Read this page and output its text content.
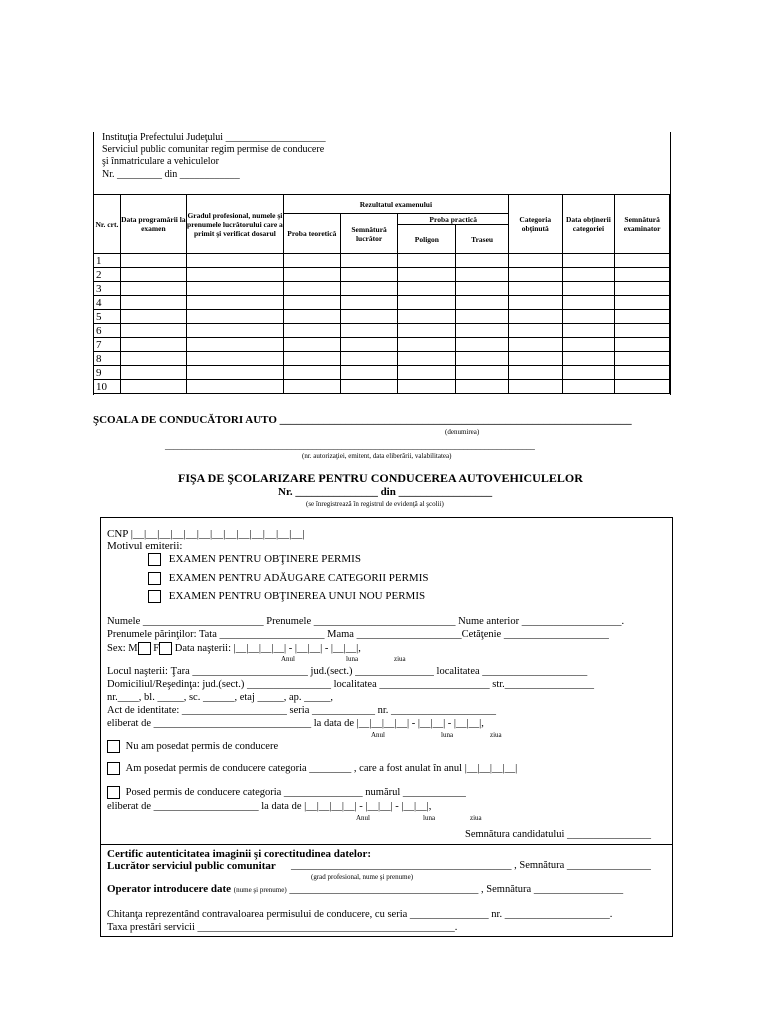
Instituţia Prefectului Judeţului ____________________
Serviciul public comunitar regim permise de conducere
şi înmatriculare a vehiculelor
Nr. _________ din ____________
Nr. crt.	Data programării la examen	Gradul profesional, numele şi prenumele lucrătorului care a primit şi verificat dosarul	Rezultatul examenului				Categoria obţinută	Data obţinerii categoriei	Semnătură examinator
			Proba teoretică	Semnătură lucrător	Proba practică				
					Poligon	Traseu			
1									
2									
3									
4									
5									
6									
7									
8									
9									
10									
ŞCOALA DE CONDUCĂTORI AUTO ________________________________________________________________
(denumirea)
________________________________________________________________________________________
(nr. autorizaţiei, emitent, data eliberării, valabilitatea)
FIŞA DE ŞCOLARIZARE PENTRU CONDUCEREA AUTOVEHICULELOR
Nr. _______________ din _________________
(se înregistrează în registrul de evidenţă al şcolii)
CNP |__|__|__|__|__|__|__|__|__|__|__|__|__|
Motivul emiterii:
EXAMEN PENTRU OBŢINERE PERMIS
EXAMEN PENTRU ADĂUGARE CATEGORII PERMIS
EXAMEN PENTRU OBŢINEREA UNUI NOU PERMIS
Numele _______________________ Prenumele ___________________________ Nume anterior ___________________.
Prenumele părinţilor: Tata ____________________ Mama ____________________Cetăţenie ____________________
Sex: M F Data naşterii: |__|__|__|__| - |__|__| - |__|__|,
Anul	luna	ziua
Locul naşterii: Ţara ______________________ jud.(sect.) _______________ localitatea ____________________
Domiciliul/Reşedinţa: jud.(sect.) ________________ localitatea _____________________ str._________________
nr.____, bl. _____, sc. ______, etaj _____, ap. _____,
Act de identitate: ____________________ seria ____________ nr. ____________________
eliberat de ______________________________ la data de |__|__|__|__| - |__|__| - |__|__|,
Anul	luna	ziua
Nu am posedat permis de conducere
Am posedat permis de conducere categoria ________ , care a fost anulat în anul |__|__|__|__|
Posed permis de conducere categoria _______________ numărul ____________
eliberat de ____________________ la data de |__|__|__|__| - |__|__| - |__|__|,
Anul	luna	ziua
Semnătura candidatului ________________
Certific autenticitatea imaginii şi corectitudinea datelor:
Lucrător serviciul public comunitar __________________________________________ , Semnătura ________________
(grad profesional, nume şi prenume)
Operator introducere date (nume şi prenume) ____________________________________ , Semnătura _________________
Chitanţa reprezentând contravaloarea permisului de conducere, cu seria _______________ nr. ____________________.
Taxa prestări servicii _________________________________________________.
